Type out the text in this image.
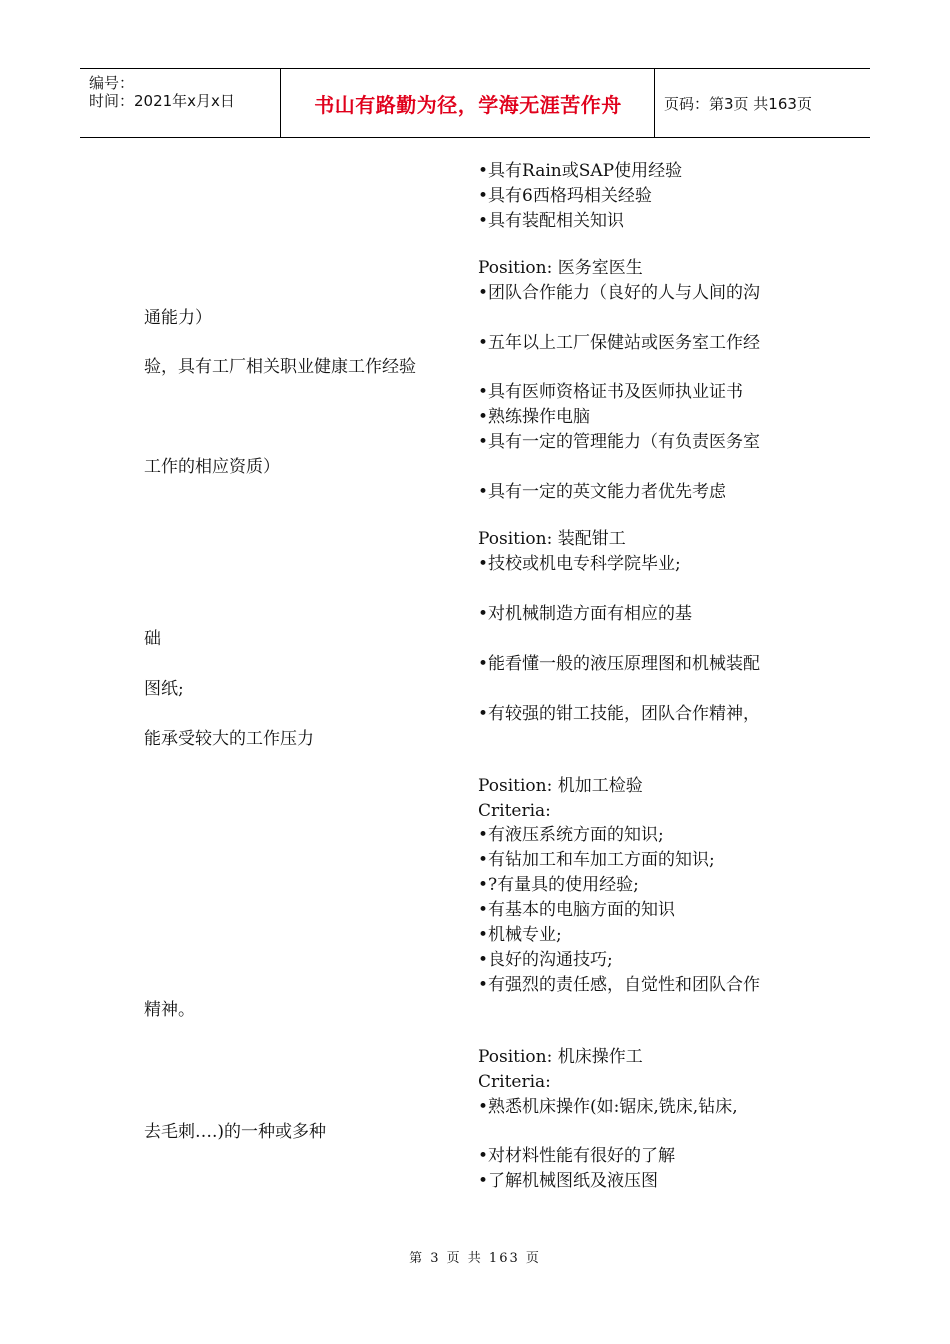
编号：
时间：2021年x月x日	书山有路勤为径，学海无涯苦作舟	页码：第3页 共163页
•具有Rain或SAP使用经验
•具有6西格玛相关经验
•具有装配相关知识
Position: 医务室医生
•团队合作能力（良好的人与人间的沟
通能力）
•五年以上工厂保健站或医务室工作经
验，具有工厂相关职业健康工作经验
•具有医师资格证书及医师执业证书
•熟练操作电脑
•具有一定的管理能力（有负责医务室
工作的相应资质）
•具有一定的英文能力者优先考虑
Position: 装配钳工
•技校或机电专科学院毕业;
•对机械制造方面有相应的基
础
•能看懂一般的液压原理图和机械装配
图纸;
•有较强的钳工技能，团队合作精神，
能承受较大的工作压力
Position: 机加工检验
Criteria:
•有液压系统方面的知识;
•有钻加工和车加工方面的知识;
•?有量具的使用经验;
•有基本的电脑方面的知识
•机械专业;
•良好的沟通技巧;
•有强烈的责任感，自觉性和团队合作
精神。
Position: 机床操作工
Criteria:
•熟悉机床操作(如:锯床,铣床,钻床,
去毛刺….)的一种或多种
•对材料性能有很好的了解
•了解机械图纸及液压图
第 3 页 共 163 页
